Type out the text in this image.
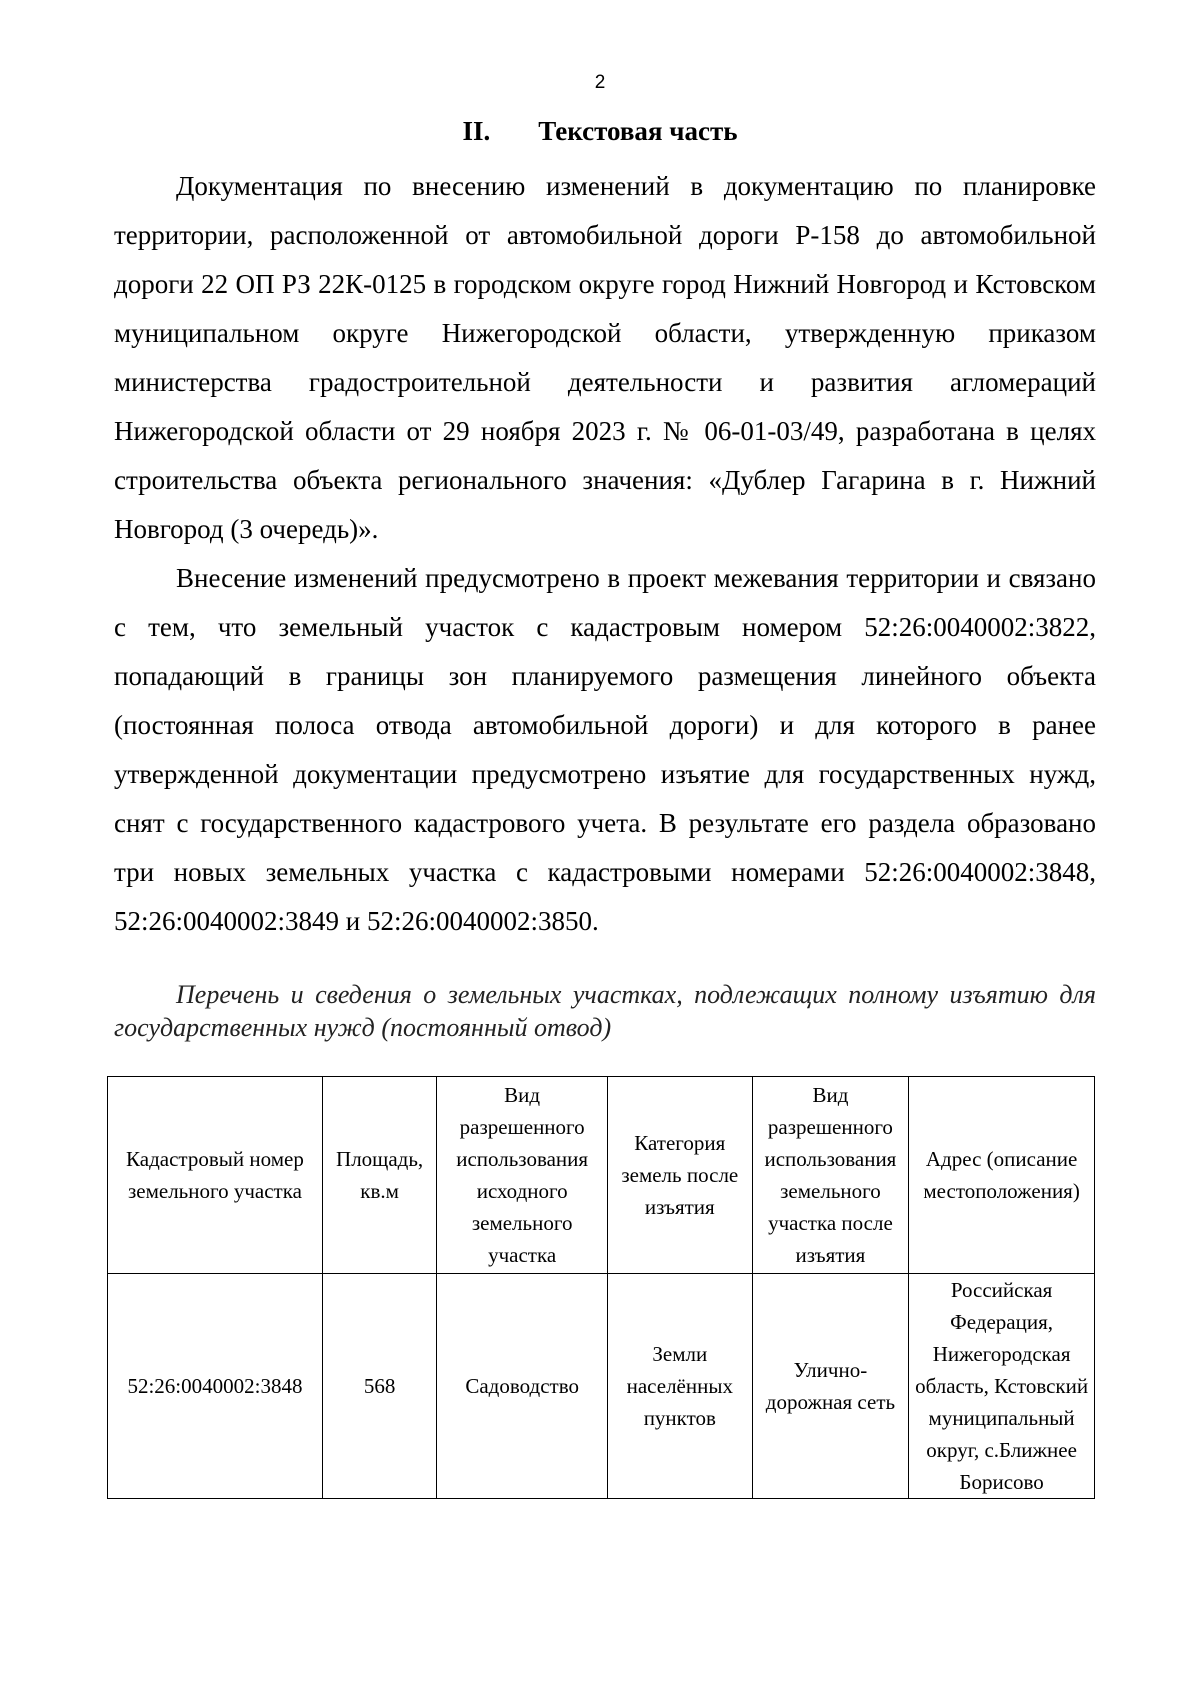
2
II. Текстовая часть

Документация по внесению изменений в документацию по планировке территории, расположенной от автомобильной дороги Р-158 до автомобильной дороги 22 ОП РЗ 22К-0125 в городском округе город Нижний Новгород и Кстовском муниципальном округе Нижегородской области, утвержденную приказом министерства градостроительной деятельности и развития агломераций Нижегородской области от 29 ноября 2023 г. № 06-01-03/49, разработана в целях строительства объекта регионального значения: «Дублер Гагарина в г. Нижний Новгород (3 очередь)».

Внесение изменений предусмотрено в проект межевания территории и связано с тем, что земельный участок с кадастровым номером 52:26:0040002:3822, попадающий в границы зон планируемого размещения линейного объекта (постоянная полоса отвода автомобильной дороги) и для которого в ранее утвержденной документации предусмотрено изъятие для государственных нужд, снят с государственного кадастрового учета. В результате его раздела образовано три новых земельных участка с кадастровыми номерами 52:26:0040002:3848, 52:26:0040002:3849 и 52:26:0040002:3850.

Перечень и сведения о земельных участках, подлежащих полному изъятию для государственных нужд (постоянный отвод)
Кадастровый номер земельного участка	Площадь, кв.м	Вид разрешенного использования исходного земельного участка	Категория земель после изъятия	Вид разрешенного использования земельного участка после изъятия	Адрес (описание местоположения)
52:26:0040002:3848	568	Садоводство	Земли населённых пунктов	Улично-дорожная сеть	Российская Федерация, Нижегородская область, Кстовский муниципальный округ, с.Ближнее Борисово
